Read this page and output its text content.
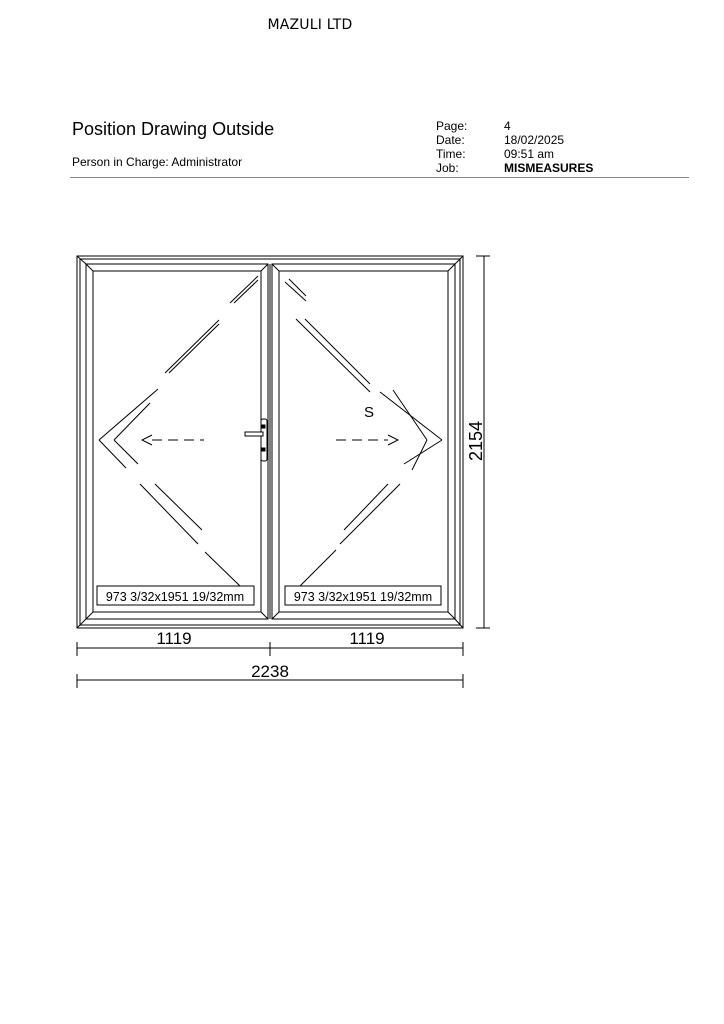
MAZULI LTD
Position Drawing Outside
Person in Charge: Administrator
Page:
Date:
Time:
Job:
4
18/02/2025
09:51 am
MISMEASURES
S
973 3/32x1951 19/32mm	973 3/32x1951 19/32mm
1119	1119
2238
2154
